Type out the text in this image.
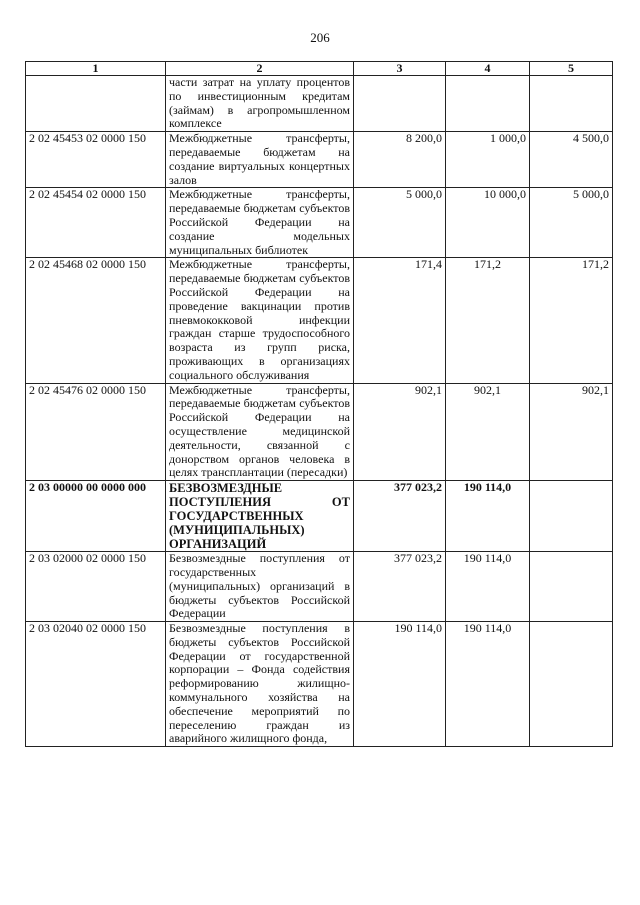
206
1	2	3	4	5
	части затрат на уплату процентов по инвестиционным кредитам (займам) в агропромышленном комплексе			
2 02 45453 02 0000 150	Межбюджетные трансферты, передаваемые бюджетам на создание виртуальных концертных залов	8 200,0	1 000,0	4 500,0
2 02 45454 02 0000 150	Межбюджетные трансферты, передаваемые бюджетам субъектов Российской Федерации на создание модельных муниципальных библиотек	5 000,0	10 000,0	5 000,0
2 02 45468 02 0000 150	Межбюджетные трансферты, передаваемые бюджетам субъектов Российской Федерации на проведение вакцинации против пневмококковой инфекции граждан старше трудоспособного возраста из групп риска, проживающих в организациях социального обслуживания	171,4	171,2	171,2
2 02 45476 02 0000 150	Межбюджетные трансферты, передаваемые бюджетам субъектов Российской Федерации на осуществление медицинской деятельности, связанной с донорством органов человека в целях трансплантации (пересадки)	902,1	902,1	902,1
2 03 00000 00 0000 000	БЕЗВОЗМЕЗДНЫЕ ПОСТУПЛЕНИЯ ОТ ГОСУДАРСТВЕННЫХ (МУНИЦИПАЛЬНЫХ) ОРГАНИЗАЦИЙ	377 023,2	190 114,0	
2 03 02000 02 0000 150	Безвозмездные поступления от государственных (муниципальных) организаций в бюджеты субъектов Российской Федерации	377 023,2	190 114,0	
2 03 02040 02 0000 150	Безвозмездные поступления в бюджеты субъектов Российской Федерации от государственной корпорации – Фонда содействия реформированию жилищно-коммунального хозяйства на обеспечение мероприятий по переселению граждан из аварийного жилищного фонда,	190 114,0	190 114,0	
